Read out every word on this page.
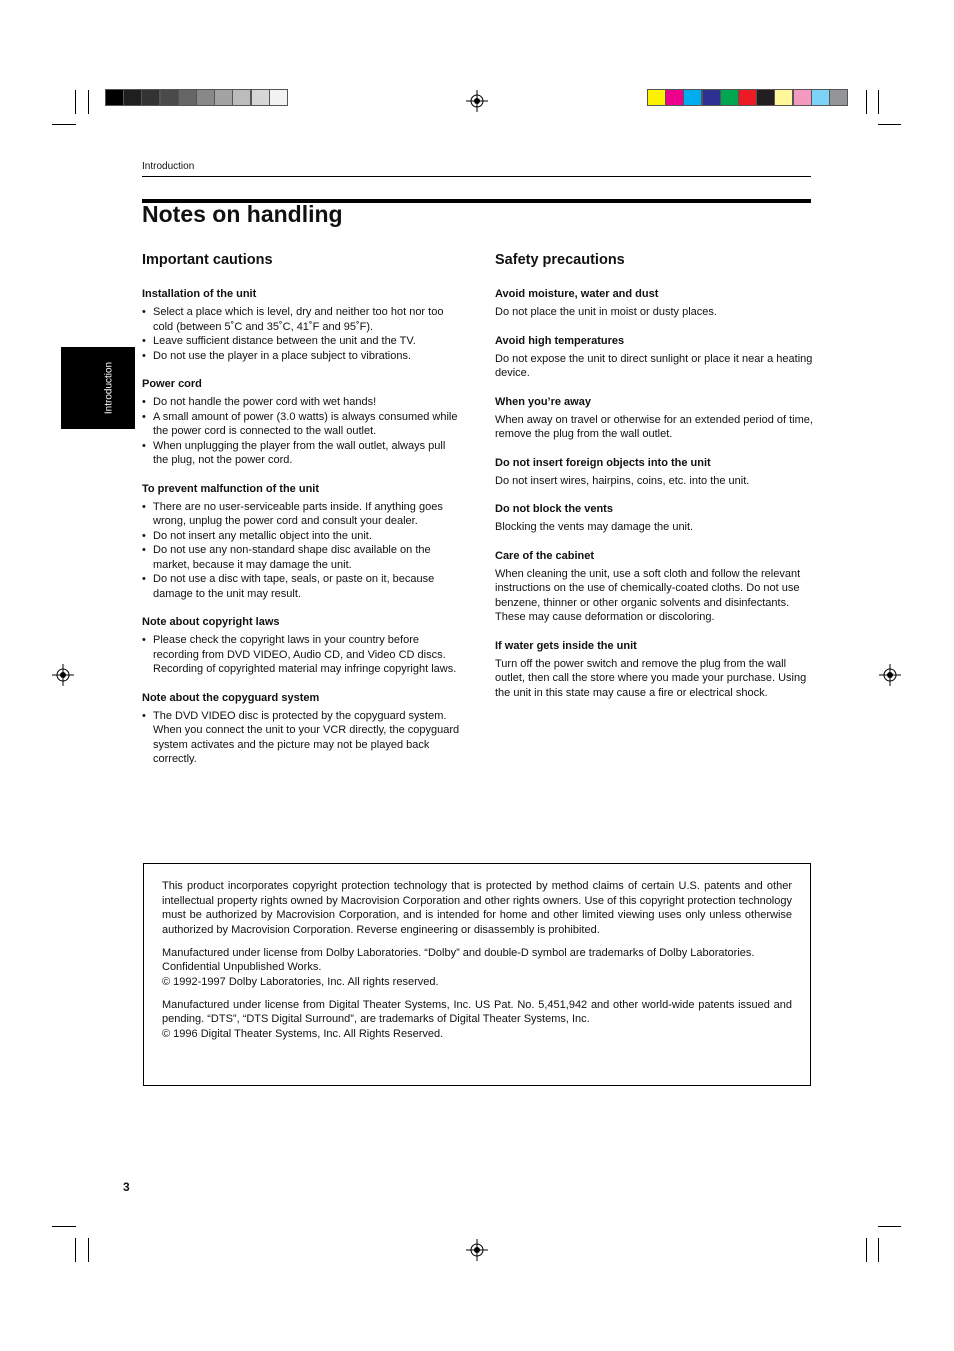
Introduction
Notes on handling
Introduction
Important cautions
Installation of the unit
• Select a place which is level, dry and neither too hot nor too cold (between 5˚C and 35˚C, 41˚F and 95˚F).
• Leave sufficient distance between the unit and the TV.
• Do not use the player in a place subject to vibrations.
Power cord
• Do not handle the power cord with wet hands!
• A small amount of power (3.0 watts) is always consumed while the power cord is connected to the wall outlet.
• When unplugging the player from the wall outlet, always pull the plug, not the power cord.
To prevent malfunction of the unit
• There are no user-serviceable parts inside. If anything goes wrong, unplug the power cord and consult your dealer.
• Do not insert any metallic object into the unit.
• Do not use any non-standard shape disc available on the market, because it may damage the unit.
• Do not use a disc with tape, seals, or paste on it, because damage to the unit may result.
Note about copyright laws
• Please check the copyright laws in your country before recording from DVD VIDEO, Audio CD, and Video CD discs. Recording of copyrighted material may infringe copyright laws.
Note about the copyguard system
• The DVD VIDEO disc is protected by the copyguard system. When you connect the unit to your VCR directly, the copyguard system activates and the picture may not be played back correctly.
Safety precautions
Avoid moisture, water and dust

Do not place the unit in moist or dusty places.

Avoid high temperatures

Do not expose the unit to direct sunlight or place it near a heating device.

When you’re away

When away on travel or otherwise for an extended period of time, remove the plug from the wall outlet.

Do not insert foreign objects into the unit

Do not insert wires, hairpins, coins, etc. into the unit.

Do not block the vents

Blocking the vents may damage the unit.

Care of the cabinet

When cleaning the unit, use a soft cloth and follow the relevant instructions on the use of chemically-coated cloths. Do not use benzene, thinner or other organic solvents and disinfectants. These may cause deformation or discoloring.

If water gets inside the unit

Turn off the power switch and remove the plug from the wall outlet, then call the store where you made your purchase. Using the unit in this state may cause a fire or electrical shock.

This product incorporates copyright protection technology that is protected by method claims of certain U.S. patents and other intellectual property rights owned by Macrovision Corporation and other rights owners. Use of this copyright protection technology must be authorized by Macrovision Corporation, and is intended for home and other limited viewing uses only unless otherwise authorized by Macrovision Corporation. Reverse engineering or disassembly is prohibited.

Manufactured under license from Dolby Laboratories. “Dolby” and double-D symbol are trademarks of Dolby Laboratories.
Confidential Unpublished Works.
© 1992-1997 Dolby Laboratories, Inc. All rights reserved.

Manufactured under license from Digital Theater Systems, Inc. US Pat. No. 5,451,942 and other world-wide patents issued and pending. “DTS”, “DTS Digital Surround”, are trademarks of Digital Theater Systems, Inc.
© 1996 Digital Theater Systems, Inc. All Rights Reserved.

3
